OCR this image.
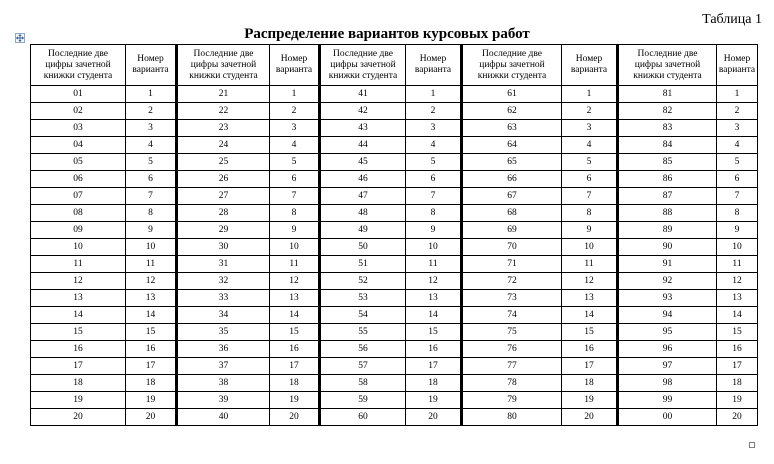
Таблица 1
Распределение вариантов курсовых работ
Последние две
цифры зачетной
книжки студента	Номер
варианта	Последние две
цифры зачетной
книжки студента	Номер
варианта	Последние две
цифры зачетной
книжки студента	Номер
варианта	Последние две
цифры зачетной
книжки студента	Номер
варианта	Последние две
цифры зачетной
книжки студента	Номер
варианта
01	1	21	1	41	1	61	1	81	1
02	2	22	2	42	2	62	2	82	2
03	3	23	3	43	3	63	3	83	3
04	4	24	4	44	4	64	4	84	4
05	5	25	5	45	5	65	5	85	5
06	6	26	6	46	6	66	6	86	6
07	7	27	7	47	7	67	7	87	7
08	8	28	8	48	8	68	8	88	8
09	9	29	9	49	9	69	9	89	9
10	10	30	10	50	10	70	10	90	10
11	11	31	11	51	11	71	11	91	11
12	12	32	12	52	12	72	12	92	12
13	13	33	13	53	13	73	13	93	13
14	14	34	14	54	14	74	14	94	14
15	15	35	15	55	15	75	15	95	15
16	16	36	16	56	16	76	16	96	16
17	17	37	17	57	17	77	17	97	17
18	18	38	18	58	18	78	18	98	18
19	19	39	19	59	19	79	19	99	19
20	20	40	20	60	20	80	20	00	20
